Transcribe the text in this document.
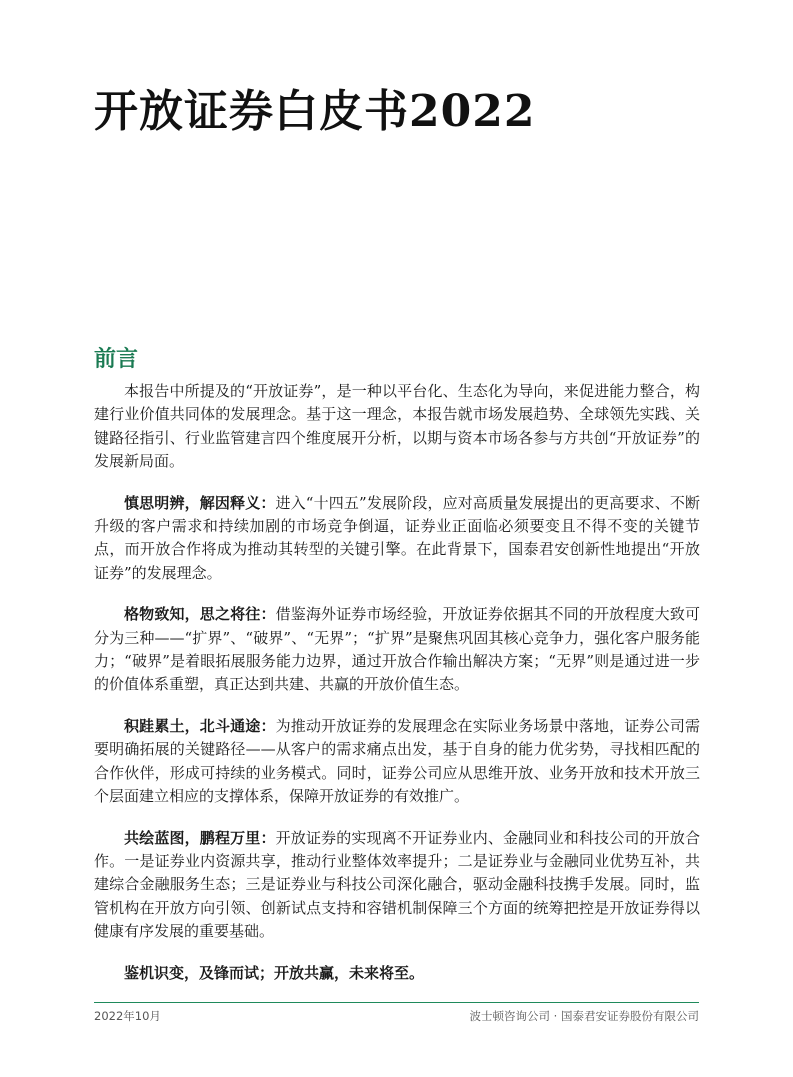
开放证券白皮书2022
前言

本报告中所提及的“开放证券”，是一种以平台化、生态化为导向，来促进能力整合，构建行业价值共同体的发展理念。基于这一理念，本报告就市场发展趋势、全球领先实践、关键路径指引、行业监管建言四个维度展开分析，以期与资本市场各参与方共创“开放证券”的发展新局面。

慎思明辨，解因释义：进入“十四五”发展阶段，应对高质量发展提出的更高要求、不断升级的客户需求和持续加剧的市场竞争倒逼，证券业正面临必须要变且不得不变的关键节点，而开放合作将成为推动其转型的关键引擎。在此背景下，国泰君安创新性地提出“开放证券”的发展理念。

格物致知，思之将往：借鉴海外证券市场经验，开放证券依据其不同的开放程度大致可分为三种——“扩界”、“破界”、“无界”；“扩界”是聚焦巩固其核心竞争力，强化客户服务能力；“破界”是着眼拓展服务能力边界，通过开放合作输出解决方案；“无界”则是通过进一步的价值体系重塑，真正达到共建、共赢的开放价值生态。

积跬累土，北斗通途：为推动开放证券的发展理念在实际业务场景中落地，证券公司需要明确拓展的关键路径——从客户的需求痛点出发，基于自身的能力优劣势，寻找相匹配的合作伙伴，形成可持续的业务模式。同时，证券公司应从思维开放、业务开放和技术开放三个层面建立相应的支撑体系，保障开放证券的有效推广。

共绘蓝图，鹏程万里：开放证券的实现离不开证券业内、金融同业和科技公司的开放合作。一是证券业内资源共享，推动行业整体效率提升；二是证券业与金融同业优势互补，共建综合金融服务生态；三是证券业与科技公司深化融合，驱动金融科技携手发展。同时，监管机构在开放方向引领、创新试点支持和容错机制保障三个方面的统筹把控是开放证券得以健康有序发展的重要基础。

鉴机识变，及锋而试；开放共赢，未来将至。

2022年10月	波士顿咨询公司 · 国泰君安证券股份有限公司
